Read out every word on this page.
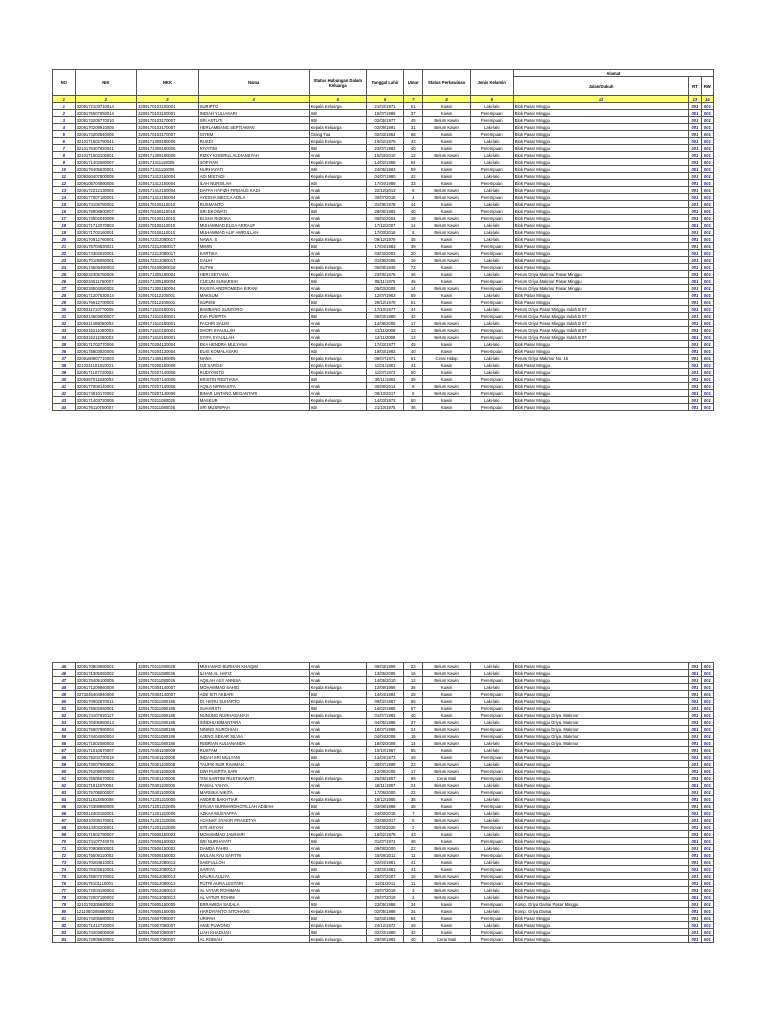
NO	NIK	NKK	Nama	Status Hubungan Dalam Keluarga	Tanggal Lahir	Umur	Status Perkawinan	Jenis Kelamin	Alamat		
									Jalan/Dukuh	RT	RW
1	2	3	4	5	6	7	8	9	12	13	14
1	3209172103710014	3209170103100001	SURIPTO	Kepala Keluarga	21/03/1971	51	Kawin	Laki-laki	Blok Pasar Minggu	001	001
2	3209175507850014	3209170103100001	INDIAH YULIASARI	Istri	15/07/1985	37	Kawin	Perempuan	Blok Pasar Minggu	001	001
3	3209174205770010	3209170103170007	SRI ASTUTI	Istri	02/05/1977	45	Belum Kawin	Perempuan	Blok Pasar Minggu	001	001
4	3209170209910005	3209170103170007	HERLAMBANG SEPTIAWAN	Kepala Keluarga	02/09/1991	31	Belum Kawin	Laki-laki	Blok Pasar Minggu	001	001
5	3209174203540006	3209170103170007	GIYEM	Orang Tua	02/03/1954	68	Kawin	Perempuan	Blok Pasar Minggu	001	001
6	3210171602790041	3209171309180005	RUSDI	Kepala Keluarga	16/02/1979	43	Kawin	Laki-laki	Blok Pasar Minggu	001	001
7	3210176307820041	3209171309180005	RIYATINI	Istri	23/07/1982	40	Kawin	Perempuan	Blok Pasar Minggu	001	001
8	3210171503100001	3209171309180005	RIZKY KHOIRUL ALDIANSYAH	Anak	15/03/2010	12	Belum Kawin	Laki-laki	Blok Pasar Minggu	001	001
9	3209171402580007	3209171411110005	SOPIYAN	Kepala Keluarga	14/02/1958	64	Kawin	Laki-laki	Blok Pasar Minggu	001	001
10	3209176405630001	3209171411110005	NURHAYATI	Istri	24/05/1963	59	Kawin	Perempuan	Blok Pasar Minggu	001	001
11	3209260407800005	3209171412150004	ADI MISTADI	Kepala Keluarga	04/07/1980	42	Kawin	Laki-laki	Blok Pasar Minggu	001	001
12	3209105704890005	3209171412150004	ILAH NURSILAH	Istri	17/04/1989	33	Kawin	Perempuan	Blok Pasar Minggu	001	001
13	3209172212130002	3209171412150004	DAFFA HAFIZH FIRDAUS KADI	Anak	22/12/2013	8	Belum Kawin	Laki-laki	Blok Pasar Minggu	001	001
14	3209177007180001	3209171412150004	AYESHA MECCA ADILA	Anak	30/07/2018	4	Belum Kawin	Perempuan	Blok Pasar Minggu	001	001
15	3209173108780002	3209170106110010	RUSMANTO	Kepala Keluarga	31/08/1978	44	Kawin	Laki-laki	Blok Pasar Minggu	001	001
16	3209176808800007	3209170106110010	SRI EKOWATI	Istri	28/08/1982	40	Kawin	Perempuan	Blok Pasar Minggu	001	001
17	3209174502040009	3209170106110010	ELSHA RIZKIKA	Anak	05/02/2004	18	Belum Kawin	Perempuan	Blok Pasar Minggu	001	001
18	3209171712070003	3209170106110010	MUHAMMAD ELGA ARRAUF	Anak	17/12/2007	14	Belum Kawin	Laki-laki	Blok Pasar Minggu	001	001
19	3209171703160001	3209170106110010	MUHAMMAD ALIF AMRULLAH	Anak	17/03/2016	6	Belum Kawin	Laki-laki	Blok Pasar Minggu	001	001
20	3209170912760001	3209172212080017	NAWA. S	Kepala Keluarga	09/12/1976	45	Kawin	Laki-laki	Blok Pasar Minggu	001	001
21	3209175704830021	3209172212080017	MIMIN	Istri	17/04/1983	39	Kawin	Perempuan	Blok Pasar Minggu	001	001
22	3209174303020001	3209172212080017	KARTIKA	Anak	03/03/2002	20	Belum Kawin	Perempuan	Blok Pasar Minggu	001	001
23	3209170108060001	3209172212080017	GALIH	Anak	01/08/2006	16	Belum Kawin	Laki-laki	Blok Pasar Minggu	001	001
24	3209174508490003	3209170109090018	SUTINI	Kepala Keluarga	05/08/1949	73	Kawin	Perempuan	Blok Pasar Minggu	001	001
25	3209232305760005	3209171305190004	HERI SETIANA	Kepala Keluarga	23/05/1976	46	Kawin	Laki-laki	Perum Griya Makmur Pasar Minggu	001	001
26	3209234511760007	3209171305190004	CUCUN SUNARSIH	Istri	05/11/1976	45	Kawin	Perempuan	Perum Griya Makmur Pasar Minggu	001	001
27	3209234504080002	3209171305190004	RAISYA ANDROMEDA KIRANI	Anak	05/03/2008	14	Belum Kawin	Perempuan	Perum Griya Makmur Pasar Minggu	001	001
28	3209171207630014	3209170112100001	MAKSUM	Kepala Keluarga	12/07/1963	59	Kawin	Laki-laki	Blok Pasar Minggu	001	001
29	3209176912700002	3209170112100001	SUPENI	Istri	29/12/1970	51	Kawin	Perempuan	Blok Pasar Minggu	001	001
30	3209311710770005	3209171510180001	BAMBANG SUNTORO	Kepala Keluarga	17/10/1977	44	Kawin	Laki-laki	Perum Griya Pasar Minggu Indah B 07	001	001
31	3209314503800007	3209171510180001	EVA PUSPITA	Istri	05/03/1980	42	Kawin	Perempuan	Perum Griya Pasar Minggu Indah B 07	001	001
32	3209311408050002	3209171510180001	FACHRI SALIM	Anak	14/08/2005	17	Belum Kawin	Laki-laki	Perum Griya Pasar Minggu Indah B 07	001	001
33	3209315211080003	3209171510180001	SHOFI SYAULLAH	Anak	12/11/2008	13	Belum Kawin	Perempuan	Perum Griya Pasar Minggu Indah B 07	001	001
34	3209315211080002	3209171510180001	SYIFA SYAULLAH	Anak	12/11/2008	13	Belum Kawin	Perempuan	Perum Griya Pasar Minggu Indah B 07	001	001
35	3209171703770006	3209170204130004	EKA HENDRA MULYANA	Kepala Keluarga	17/03/1977	45	Kawin	Laki-laki	Blok Pasar Minggu	001	001
36	3209175803820005	3209170204130004	EUIS KOMALASARI	Istri	18/03/1982	40	Kawin	Perempuan	Blok Pasar Minggu	001	001
37	3209180807710003	3209171405190005	NANA	Kepala Keluarga	08/07/1971	51	Cerai Hidup	Laki-laki	Perum Griya Makmur No. 15	001	001
38	3210241101810021	3209170206160008	OJI SAROJI	Kepala Keluarga	11/01/1981	41	Kawin	Laki-laki	Blok Pasar Minggu	001	001
39	3209171107720002	3209170207140008	RUDIYANTO	Kepala Keluarga	11/07/1972	50	Kawin	Laki-laki	Blok Pasar Minggu	001	001
40	3209367011830002	3209170207140008	KRISTIN RESTIANA	Istri	30/11/1983	38	Kawin	Perempuan	Blok Pasar Minggu	001	001
41	3209177008140001	3209170207140008	AQILA NIRWASITA	Anak	30/08/2014	8	Belum Kawin	Perempuan	Blok Pasar Minggu	001	001
42	3209174810170002	3209170207140008	BINAR LINTANG MEGANTARI	Anak	08/10/2017	5	Belum Kawin	Perempuan	Blok Pasar Minggu	001	001
43	3209171403720005	3209170211080026	MASKUR	Kepala Keluarga	14/03/1972	50	Kawin	Laki-laki	Blok Pasar Minggu	001	001
44	3209176110750007	3209170211080026	SRI MUSRIPAH	Istri	21/10/1975	46	Kawin	Perempuan	Blok Pasar Minggu	001	001
45	3209170903990001	3209170211080026	MUHAMAD BURHAN KHAQIM	Anak	09/03/1999	23	Belum Kawin	Laki-laki	Blok Pasar Minggu	001	001
46	3209171305060002	3209170211080026	ILHAM AL HAFIZ	Anak	13/05/2006	16	Belum Kawin	Laki-laki	Blok Pasar Minggu	001	001
47	3209175405100005	3209170211080026	AQILAH ASY ANNISA	Anak	14/05/2010	12	Belum Kawin	Perempuan	Blok Pasar Minggu	001	001
48	3209171209860008	3209170304140007	MOHAMMAD SAHID	Kepala Keluarga	12/09/1986	36	Kawin	Laki-laki	Blok Pasar Minggu	001	001
49	3273245404940006	3209170304140007	ADE SITI AKBARI	Istri	14/04/1994	28	Kawin	Perempuan	Blok Pasar Minggu	001	001
50	3209170902670011	3209170311080185	Dr. HERU SUHARTO	Kepala Keluarga	09/02/1967	55	Kawin	Laki-laki	Blok Pasar Minggu	001	001
51	3209175602650001	3209170311080185	SUHARSTI	Istri	16/02/1965	57	Kawin	Perempuan	Blok Pasar Minggu	001	001
52	3209174107820117	3209170311080185	NUNUNG NURHASANAH	Kepala Keluarga	01/07/1982	40	Kawin	Perempuan	Blok Pasar Minggu Griya. Makmur	001	001
53	3209170405950013	3209170311080186	SINDHU BIMANTARA	Anak	04/05/1995	27	Belum Kawin	Laki-laki	Blok Pasar Minggu Griya. Makmur	001	001
54	3209175807980004	3209170311080186	NINING NUROHIAH	Anak	18/07/1998	24	Belum Kawin	Perempuan	Blok Pasar Minggu Griya. Makmur	001	001
55	3209174404060004	3209170311080186	AJENG SEKAR SILVIA	Anak	04/04/2006	16	Belum Kawin	Perempuan	Blok Pasar Minggu Griya. Makmur	001	001
56	3209171802080003	3209170311080186	FEBRIAN AULIANANDA	Anak	18/02/2008	14	Belum Kawin	Laki-laki	Blok Pasar Minggu Griya. Makmur	001	001
57	3209171010670007	3209170401100008	RUSTAM	Kepala Keluarga	10/10/1967	55	Kawin	Laki-laki	Blok Pasar Minggu	001	001
58	3209175204730016	3209170401100008	INDAH SRI MULYANI	Istri	12/04/1973	49	Kawin	Perempuan	Blok Pasar Minggu	001	001
59	3209173007990006	3209170401100008	TAUFIK NUR RAHMAN	Anak	30/07/1999	23	Belum Kawin	Laki-laki	Blok Pasar Minggu	001	001
60	3209175209050003	3209170401100008	DWI PUSPITA SARI	Anak	12/09/2005	17	Belum Kawin	Perempuan	Blok Pasar Minggu	001	001
61	3209176505570002	3209170401100006	TINI SARTINI RUSTIKAWATI	Kepala Keluarga	25/05/1957	65	Cerai Mati	Perempuan	Blok Pasar Minggu	001	001
62	3209171811970004	3209170401100006	FAISAL YAHYA	Anak	18/11/1997	24	Belum Kawin	Laki-laki	Blok Pasar Minggu	001	001
63	3209175706000007	3209170401100006	MARISKA NIKITA	Anak	17/06/2000	22	Belum Kawin	Perempuan	Blok Pasar Minggu	001	001
64	3209311812850008	3209171201210005	ANDRIE BAKHTIAR	Kepala Keluarga	18/12/1985	36	Kawin	Laki-laki	Blok Pasar Minggu	001	001
65	3209174308860005	3209171201210005	SYLVIA NURMARDHOTILLAH ADIBAH	Istri	03/08/1986	36	Kawin	Perempuan	Blok Pasar Minggu	001	001
66	3209312403150001	3209171201210005	AZKAA MUSYAFFA	Anak	24/03/2015	7	Belum Kawin	Laki-laki	Blok Pasar Minggu	001	001
67	3209310208170001	3209171201210005	ACHNAF SYAKIR PRASETYA	Anak	02/08/2017	5	Belum Kawin	Laki-laki	Blok Pasar Minggu	001	001
68	3209314303200001	3209171201210005	SITI AISYAH	Anak	03/03/2020	2	Belum Kawin	Perempuan	Blok Pasar Minggu	001	001
69	3209171602790007	3209170506150002	MOHAMMAD JAMHARI	Kepala Keluarga	16/02/1979	43	Kawin	Laki-laki	Blok Pasar Minggu	001	001
70	3209174107740076	3209170506150002	SRI NURHAYATI	Istri	01/07/1974	48	Kawin	Perempuan	Blok Pasar Minggu	001	001
71	3209170908000001	3209170506150002	DAMDA FAHRI	Anak	09/08/2000	22	Belum Kawin	Laki-laki	Blok Pasar Minggu	001	001
72	3209175509110002	3209170506150002	WULAN AYU SAFITRI	Anak	15/09/2011	11	Belum Kawin	Perempuan	Blok Pasar Minggu	001	001
73	3209170204810001	3209170512080013	SAEFULLOH	Kepala Keluarga	02/04/1981	41	Kawin	Laki-laki	Blok Pasar Minggu	001	001
74	3209176303810001	3209170512080013	SARIYA	Istri	23/03/1981	41	Kawin	Perempuan	Blok Pasar Minggu	001	001
75	3209176607070002	3209170512080013	NAURA AULIYA	Anak	26/07/2007	15	Belum Kawin	Perempuan	Blok Pasar Minggu	001	001
76	3209175101110001	3209170512080013	PUTRI AURA LESTARI	Anak	11/01/2011	11	Belum Kawin	Perempuan	Blok Pasar Minggu	001	001
77	3209172004190003	3209170512080013	AL VATAR ROHIMAN	Anak	20/07/2019	3	Belum Kawin	Laki-laki	Blok Pasar Minggu	001	001
78	3209172007190002	3209170512080013	AL VATUR ROHIM	Anak	20/07/2019	3	Belum Kawin	Laki-laki	Blok Pasar Minggu	001	001
79	3210176305880002	3209170605150005	ERRAWIDA SASALA	Istri	23/05/1988	34	Kawin	Perempuan	Komp. Griya Damai Pasar Minggu	001	001
80	1211050205880002	3209170605150005	HARDIYANTO SITOHANG	Kepala Keluarga	02/05/1988	34	Kawin	Laki-laki	Komp. Griya Damai	001	001
81	3209174205580003	3209170607090007	URIPAH	Istri	02/03/1958	64	Kawin	Perempuan	Blok Pasar Minggu	001	001
82	3209171412720004	3209170607090007	ANIE PUWONO	Kepala Keluarga	24/12/1972	49	Kawin	Laki-laki	Blok Pasar Minggu	001	001
83	3209174203800008	3209170607090007	LIAH KHADIJAH	Istri	02/03/1980	42	Kawin	Perempuan	Blok Pasar Minggu	001	001
84	3209172909820002	3209170607090007	AL ROBIAH	Kepala Keluarga	29/09/1982	40	Cerai Mati	Perempuan	Blok Pasar Minggu	001	001
